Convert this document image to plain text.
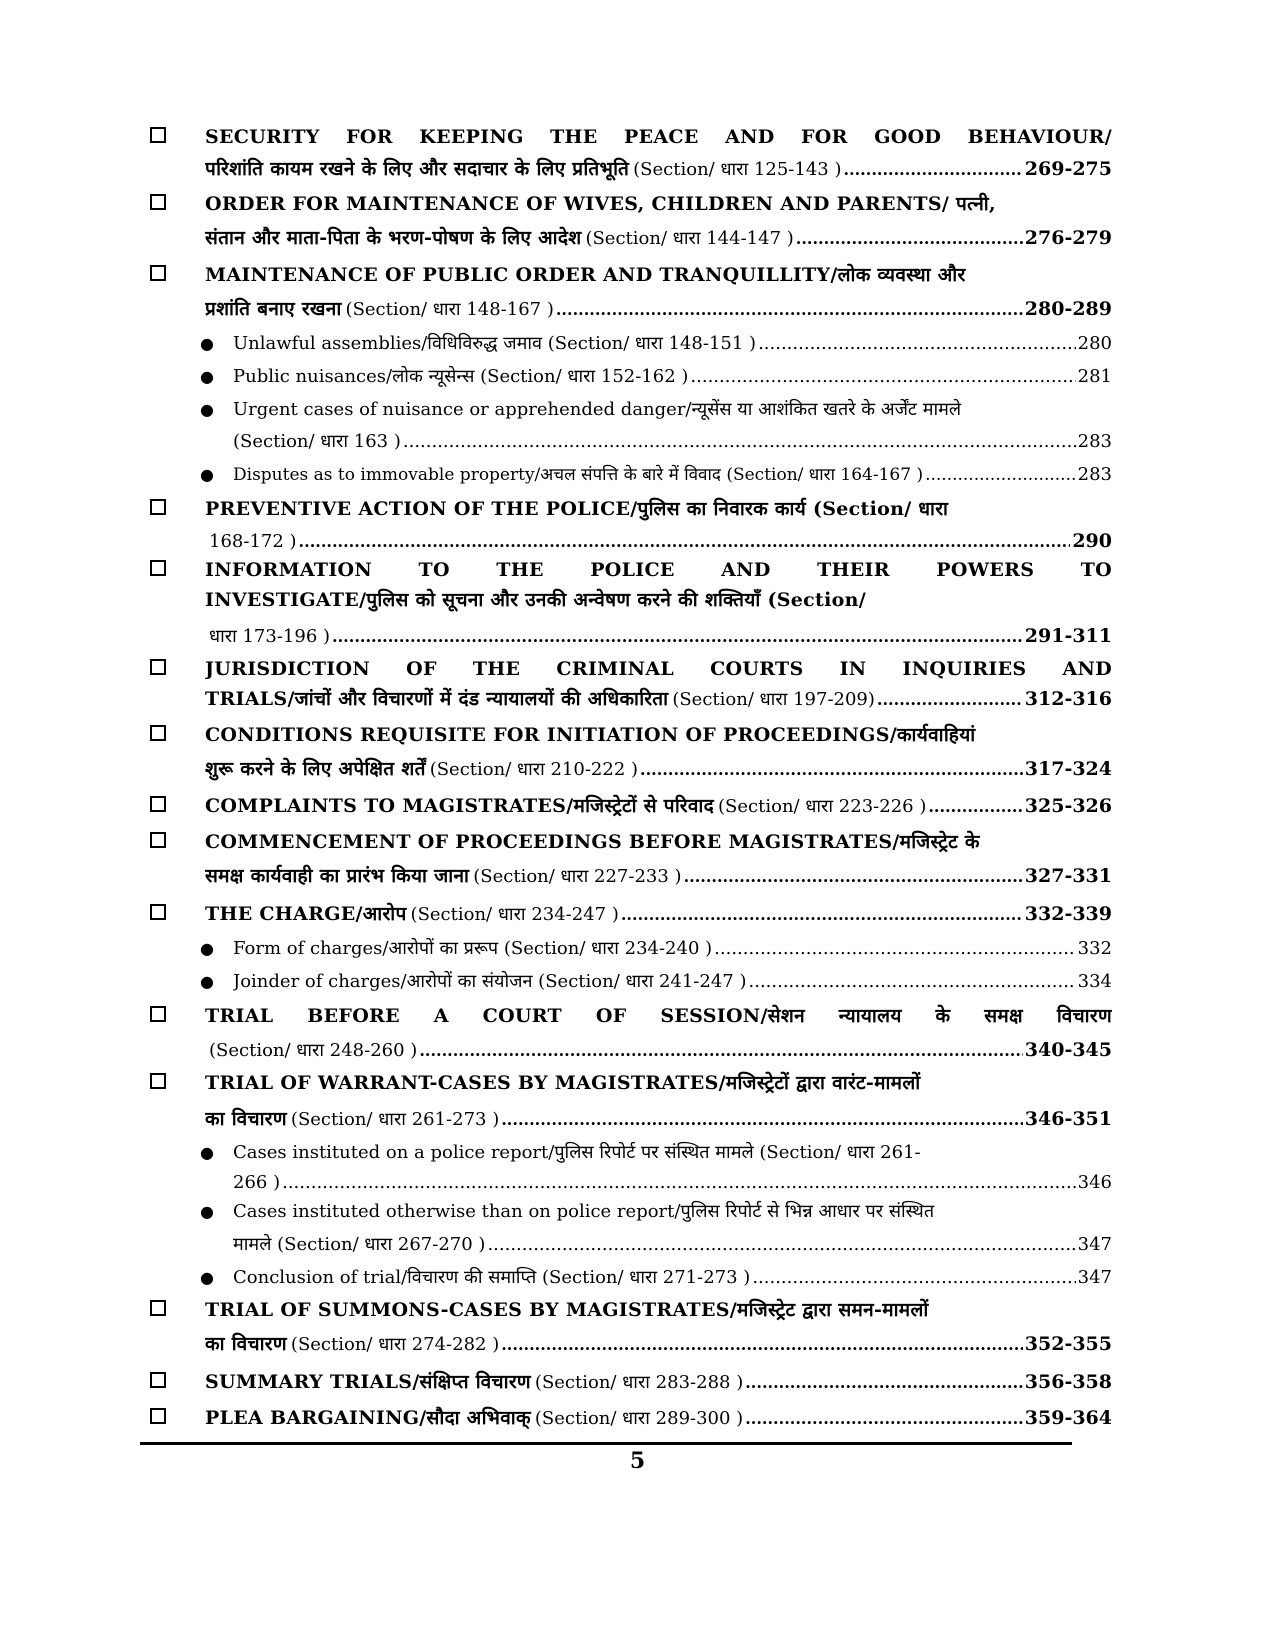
SECURITY FOR KEEPING THE PEACE AND FOR GOOD BEHAVIOUR/
परिशांति कायम रखने के लिए और सदाचार के लिए प्रतिभूति (Section/ धारा 125-143 ) .....	269-275
ORDER FOR MAINTENANCE OF WIVES, CHILDREN AND PARENTS/ पत्नी,
संतान और माता-पिता के भरण-पोषण के लिए आदेश (Section/ धारा 144-147 ) .....	276-279
MAINTENANCE OF PUBLIC ORDER AND TRANQUILLITY/लोक व्यवस्था और
प्रशांति बनाए रखना (Section/ धारा 148-167 ) .....	280-289
● Unlawful assemblies/विधिविरुद्ध जमाव (Section/ धारा 148-151 ) .....	280
● Public nuisances/लोक न्यूसेन्स (Section/ धारा 152-162 ) .....	281
● Urgent cases of nuisance or apprehended danger/न्यूसेंस या आशंकित खतरे के अर्जेंट मामले
(Section/ धारा 163 ) .....	283
● Disputes as to immovable property/अचल संपत्ति के बारे में विवाद (Section/ धारा 164-167 ) .....	283
PREVENTIVE ACTION OF THE POLICE/पुलिस का निवारक कार्य (Section/ धारा
168-172 ) .....	290
INFORMATION TO THE POLICE AND THEIR POWERS TO
INVESTIGATE/पुलिस को सूचना और उनकी अन्वेषण करने की शक्तियाँ (Section/
धारा 173-196 ) .....	291-311
JURISDICTION OF THE CRIMINAL COURTS IN INQUIRIES AND
TRIALS/जांचों और विचारणों में दंड न्यायालयों की अधिकारिता (Section/ धारा 197-209) .....	312-316
CONDITIONS REQUISITE FOR INITIATION OF PROCEEDINGS/कार्यवाहियां
शुरू करने के लिए अपेक्षित शर्तें (Section/ धारा 210-222 ) .....	317-324
COMPLAINTS TO MAGISTRATES/मजिस्ट्रेटों से परिवाद (Section/ धारा 223-226 ) .....	325-326
COMMENCEMENT OF PROCEEDINGS BEFORE MAGISTRATES/मजिस्ट्रेट के
समक्ष कार्यवाही का प्रारंभ किया जाना (Section/ धारा 227-233 ) .....	327-331
THE CHARGE/आरोप (Section/ धारा 234-247 ) .....	332-339
● Form of charges/आरोपों का प्ररूप (Section/ धारा 234-240 ) .....	332
● Joinder of charges/आरोपों का संयोजन (Section/ धारा 241-247 ) .....	334
TRIAL BEFORE A COURT OF SESSION/सेशन न्यायालय के समक्ष विचारण
(Section/ धारा 248-260 ) .....	340-345
TRIAL OF WARRANT-CASES BY MAGISTRATES/मजिस्ट्रेटों द्वारा वारंट-मामलों
का विचारण (Section/ धारा 261-273 ) .....	346-351
● Cases instituted on a police report/पुलिस रिपोर्ट पर संस्थित मामले (Section/ धारा 261-
266 ) .....	346
● Cases instituted otherwise than on police report/पुलिस रिपोर्ट से भिन्न आधार पर संस्थित
मामले (Section/ धारा 267-270 ) .....	347
● Conclusion of trial/विचारण की समाप्ति (Section/ धारा 271-273 ) .....	347
TRIAL OF SUMMONS-CASES BY MAGISTRATES/मजिस्ट्रेट द्वारा समन-मामलों
का विचारण (Section/ धारा 274-282 ) .....	352-355
SUMMARY TRIALS/संक्षिप्त विचारण (Section/ धारा 283-288 ) .....	356-358
PLEA BARGAINING/सौदा अभिवाक् (Section/ धारा 289-300 ) .....	359-364
5
